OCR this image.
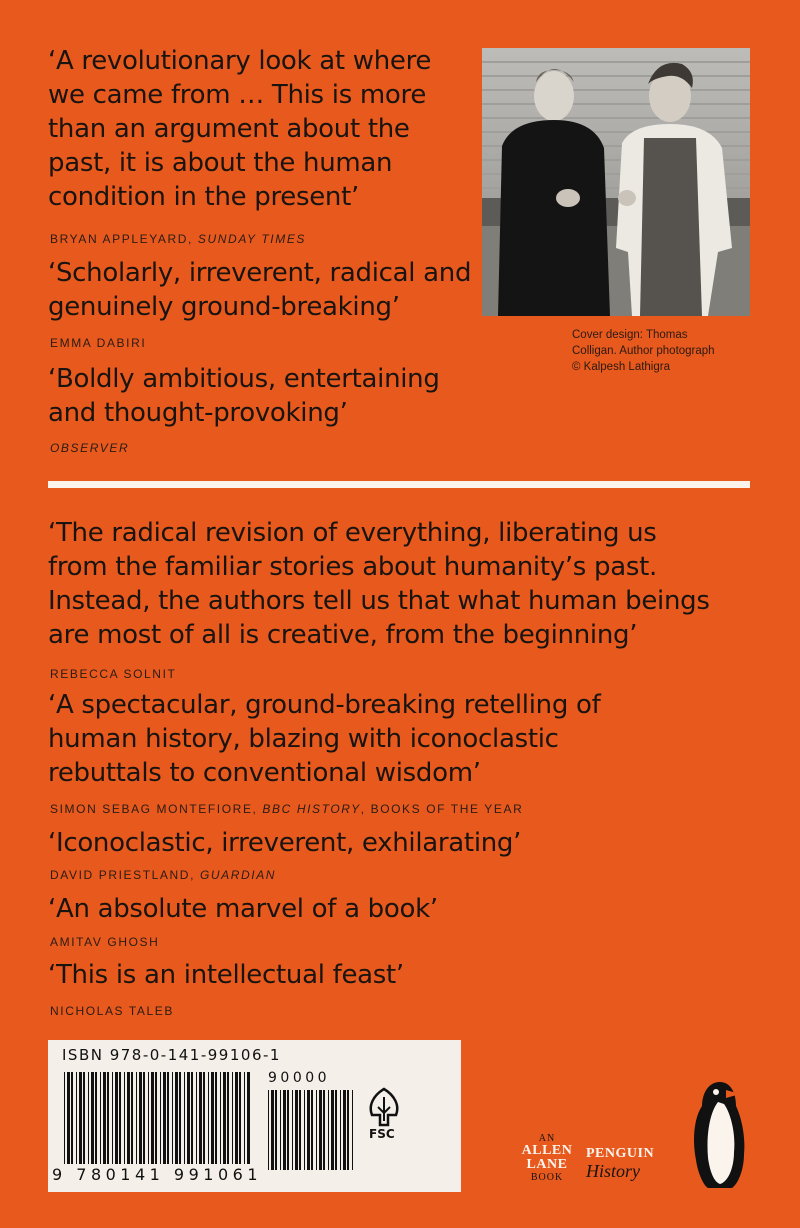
‘A revolutionary look at where
we came from … This is more
than an argument about the
past, it is about the human
condition in the present’
BRYAN APPLEYARD, SUNDAY TIMES
‘Scholarly, irreverent, radical and
genuinely ground-breaking’
EMMA DABIRI
‘Boldly ambitious, entertaining
and thought-provoking’
OBSERVER
Cover design: Thomas
Colligan. Author photograph
© Kalpesh Lathigra
‘The radical revision of everything, liberating us
from the familiar stories about humanity’s past.
Instead, the authors tell us that what human beings
are most of all is creative, from the beginning’
REBECCA SOLNIT
‘A spectacular, ground-breaking retelling of
human history, blazing with iconoclastic
rebuttals to conventional wisdom’
SIMON SEBAG MONTEFIORE, BBC HISTORY, BOOKS OF THE YEAR
‘Iconoclastic, irreverent, exhilarating’
DAVID PRIESTLAND, GUARDIAN
‘An absolute marvel of a book’
AMITAV GHOSH
‘This is an intellectual feast’
NICHOLAS TALEB
ISBN 978-0-141-99106-1
9 780141 991061
90000
FSC	AN
ALLEN
LANE
BOOK
PENGUIN
History
